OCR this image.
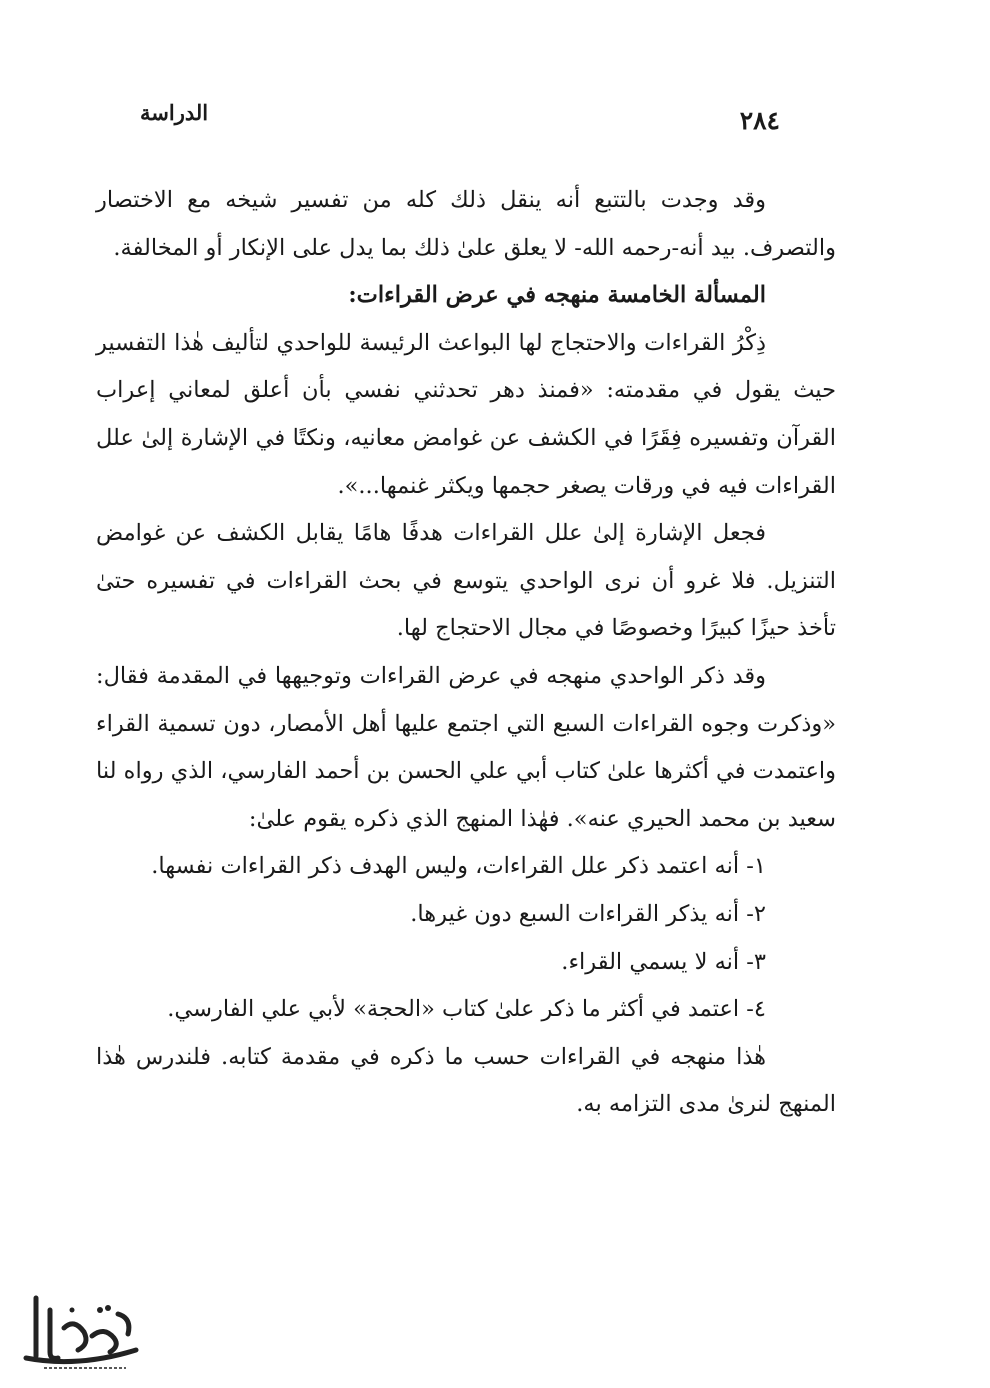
الدراسة	٢٨٤

وقد وجدت بالتتبع أنه ينقل ذلك كله من تفسير شيخه مع الاختصار والتصرف. بيد أنه-رحمه الله- لا يعلق علىٰ ذلك بما يدل على الإنكار أو المخالفة.

المسألة الخامسة منهجه في عرض القراءات:

ذِكْرُ القراءات والاحتجاج لها البواعث الرئيسة للواحدي لتأليف هٰذا التفسير حيث يقول في مقدمته: «فمنذ دهر تحدثني نفسي بأن أعلق لمعاني إعراب القرآن وتفسيره فِقَرًا في الكشف عن غوامض معانيه، ونكتًا في الإشارة إلىٰ علل القراءات فيه في ورقات يصغر حجمها ويكثر غنمها...».

فجعل الإشارة إلىٰ علل القراءات هدفًا هامًا يقابل الكشف عن غوامض التنزيل. فلا غرو أن نرى الواحدي يتوسع في بحث القراءات في تفسيره حتىٰ تأخذ حيزًا كبيرًا وخصوصًا في مجال الاحتجاج لها.

وقد ذكر الواحدي منهجه في عرض القراءات وتوجيهها في المقدمة فقال: «وذكرت وجوه القراءات السبع التي اجتمع عليها أهل الأمصار، دون تسمية القراء واعتمدت في أكثرها علىٰ كتاب أبي علي الحسن بن أحمد الفارسي، الذي رواه لنا سعيد بن محمد الحيري عنه». فهٰذا المنهج الذي ذكره يقوم علىٰ:

١- أنه اعتمد ذكر علل القراءات، وليس الهدف ذكر القراءات نفسها.

٢- أنه يذكر القراءات السبع دون غيرها.

٣- أنه لا يسمي القراء.

٤- اعتمد في أكثر ما ذكر علىٰ كتاب «الحجة» لأبي علي الفارسي.

هٰذا منهجه في القراءات حسب ما ذكره في مقدمة كتابه. فلندرس هٰذا المنهج لنرىٰ مدى التزامه به.
